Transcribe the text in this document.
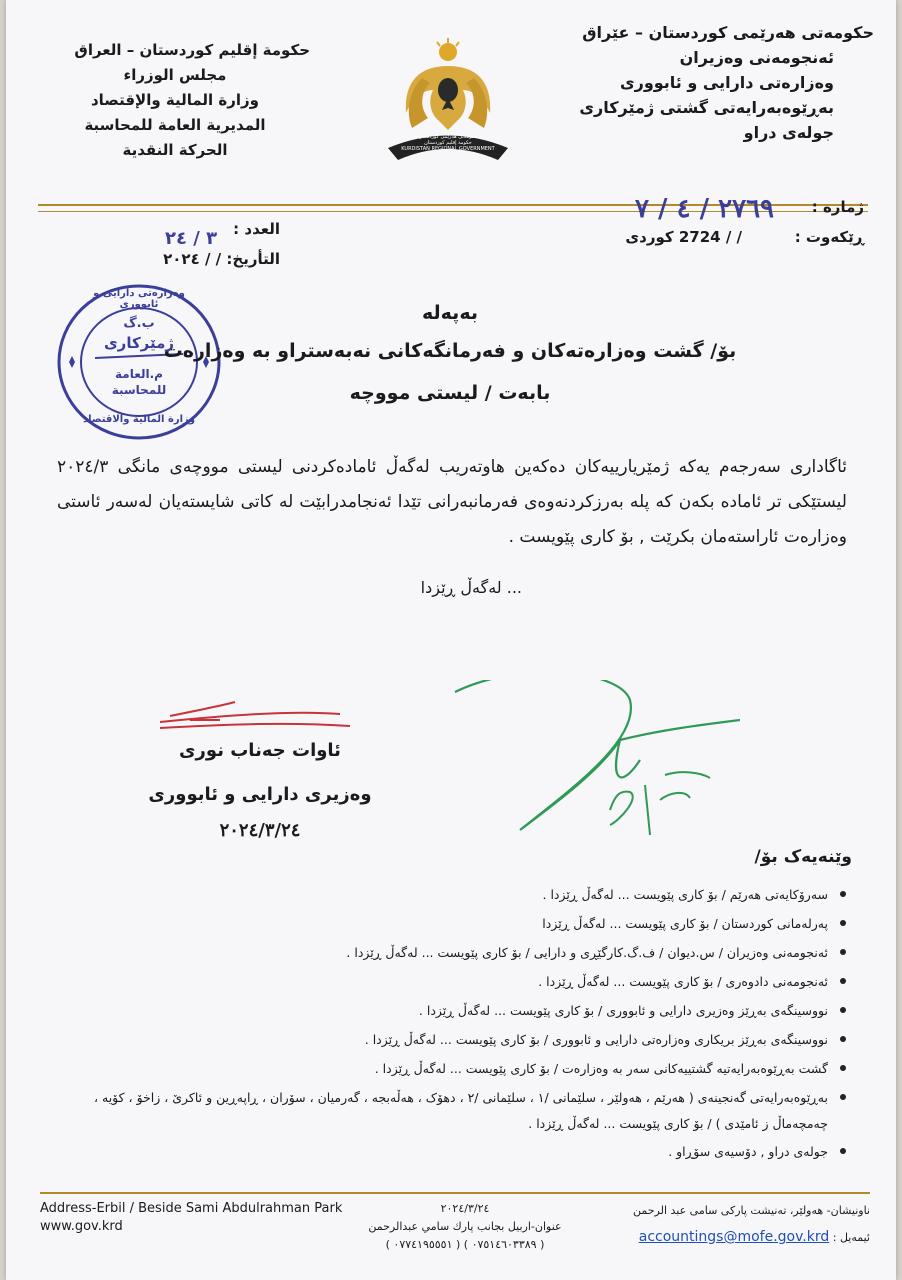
حکومەتی هەرێمی کوردستان – عێراق
ئەنجومەنی وەزیران
وەزارەتی دارایی و ئابووری
بەڕێوەبەرایەتی گشتی ژمێرکاری
جولەی دراو
حکومەتی هەرێمی کوردستان
حكومة إقليم كوردستان
KURDISTAN REGIONAL GOVERNMENT
حكومة إقليم كوردستان – العراق
مجلس الوزراء
وزارة المالية والإقتصاد
المديرية العامة للمحاسبة
الحركة النقدية
ژمارە :
ڕێکەوت :
٢٧٦٩ / ٤ / ٧
/ / 2724 کوردی
العدد :
التأريخ: / / ٢٠٢٤
٣ / ٢٤
وەزارەتی دارایی و ئابووری
ب.گ
ژمێرکاری
م.العامة للمحاسبة
وزارة المالية والاقتصاد
بەپەلە
بۆ/ گشت وەزارەتەکان و فەرمانگەکانی نەبەستراو بە وەزارەت
بابەت / لیستی مووچە
ئاگاداری سەرجەم یەکە ژمێریارییەکان دەکەین هاوتەریب لەگەڵ ئامادەکردنی لیستی مووچەی مانگی ٢٠٢٤/٣ لیستێکی تر ئامادە بکەن کە پلە بەرزکردنەوەی فەرمانبەرانی تێدا ئەنجامدرابێت لە کاتی شایستەیان لەسەر ئاستی وەزارەت ئاراستەمان بکرێت , بۆ کاری پێویست .
... لەگەڵ ڕێزدا
ئاوات جەناب نوری
وەزیری دارایی و ئابووری
٢٠٢٤/٣/٢٤
وێنەیەک بۆ/
سەرۆکایەتی هەرێم / بۆ کاری پێویست ... لەگەڵ ڕێزدا .
پەرلەمانی کوردستان / بۆ کاری پێویست ... لەگەڵ ڕێزدا
ئەنجومەنی وەزیران / س.دیوان / ف.گ.کارگێڕی و دارایی / بۆ کاری پێویست ... لەگەڵ ڕێزدا .
ئەنجومەنی دادوەری / بۆ کاری پێویست ... لەگەڵ ڕێزدا .
نووسینگەی بەڕێز وەزیری دارایی و ئابووری / بۆ کاری پێویست ... لەگەڵ ڕێزدا .
نووسینگەی بەڕێز بریکاری وەزارەتی دارایی و ئابووری / بۆ کاری پێویست ... لەگەڵ ڕێزدا .
گشت بەڕێوەبەرایەتیە گشتییەکانی سەر بە وەزارەت / بۆ کاری پێویست ... لەگەڵ ڕێزدا .
بەڕێوەبەرایەتی گەنجینەی ( هەرێم ، هەولێر ، سلێمانی /١ ، سلێمانی /٢ ، دهۆک ، هەڵەبجە ، گەرمیان ، سۆران ، ڕاپەڕین و ئاکرێ ، زاخۆ ، کۆیە ، چەمچەماڵ ز ئامێدی ) / بۆ کاری پێویست ... لەگەڵ ڕێزدا .
جولەی دراو , دۆسیەی سۆڕاو .
Address-Erbil / Beside Sami Abdulrahman Park
www.gov.krd
٢٠٢٤/٣/٢٤
عنوان-اربيل بجانب پارك سامي عبدالرحمن
( ٠٧٥١٤٦٠٣٣٨٩ ) ( ٠٧٧٤١٩٥٥٥١ )
ناونیشان- هەولێر، تەنیشت پارکی سامی عبد الرحمن
ئیمەیل : accountings@mofe.gov.krd
